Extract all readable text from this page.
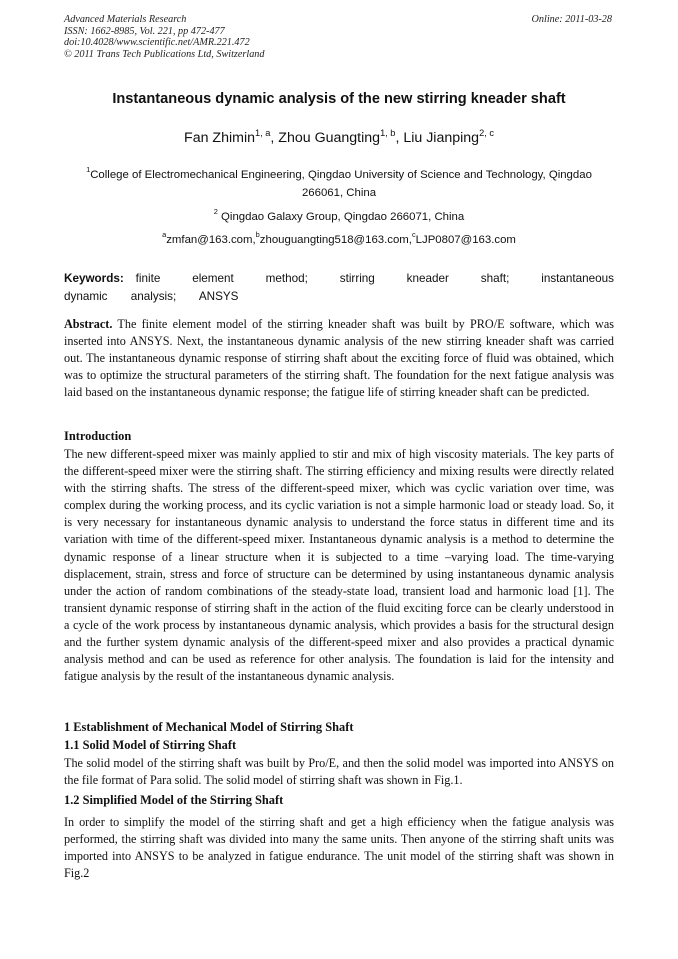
Advanced Materials Research
ISSN: 1662-8985, Vol. 221, pp 472-477
doi:10.4028/www.scientific.net/AMR.221.472
© 2011 Trans Tech Publications Ltd, Switzerland
Online: 2011-03-28
Instantaneous dynamic analysis of the new stirring kneader shaft
Fan Zhimin$^{1, a}$, Zhou Guangting$^{1, b}$, Liu Jianping$^{2, c}$
$^1$College of Electromechanical Engineering, Qingdao University of Science and Technology, Qingdao 266061, China
$^2$ Qingdao Galaxy Group, Qingdao 266071, China
$^a$zmfan@163.com,$^b$zhouguangting518@163.com,$^c$LJP0807@163.com
Keywords: finite element method; stirring kneader shaft; instantaneous dynamic analysis; ANSYS
Abstract. The finite element model of the stirring kneader shaft was built by PRO/E software, which was inserted into ANSYS. Next, the instantaneous dynamic analysis of the new stirring kneader shaft was carried out. The instantaneous dynamic response of stirring shaft about the exciting force of fluid was obtained, which was to optimize the structural parameters of the stirring shaft. The foundation for the next fatigue analysis was laid based on the instantaneous dynamic response; the fatigue life of stirring kneader shaft can be predicted.
Introduction
The new different-speed mixer was mainly applied to stir and mix of high viscosity materials. The key parts of the different-speed mixer were the stirring shaft. The stirring efficiency and mixing results were directly related with the stirring shafts. The stress of the different-speed mixer, which was cyclic variation over time, was complex during the working process, and its cyclic variation is not a simple harmonic load or steady load. So, it is very necessary for instantaneous dynamic analysis to understand the force status in different time and its variation with time of the different-speed mixer. Instantaneous dynamic analysis is a method to determine the dynamic response of a linear structure when it is subjected to a time –varying load. The time-varying displacement, strain, stress and force of structure can be determined by using instantaneous dynamic analysis under the action of random combinations of the steady-state load, transient load and harmonic load [1]. The transient dynamic response of stirring shaft in the action of the fluid exciting force can be clearly understood in a cycle of the work process by instantaneous dynamic analysis, which provides a basis for the structural design and the further system dynamic analysis of the different-speed mixer and also provides a practical dynamic analysis method and can be used as reference for other analysis. The foundation is laid for the intensity and fatigue analysis by the result of the instantaneous dynamic analysis.
1 Establishment of Mechanical Model of Stirring Shaft
1.1 Solid Model of Stirring Shaft
The solid model of the stirring shaft was built by Pro/E, and then the solid model was imported into ANSYS on the file format of Para solid. The solid model of stirring shaft was shown in Fig.1.
1.2 Simplified Model of the Stirring Shaft
In order to simplify the model of the stirring shaft and get a high efficiency when the fatigue analysis was performed, the stirring shaft was divided into many the same units. Then anyone of the stirring shaft units was imported into ANSYS to be analyzed in fatigue endurance. The unit model of the stirring shaft was shown in Fig.2
